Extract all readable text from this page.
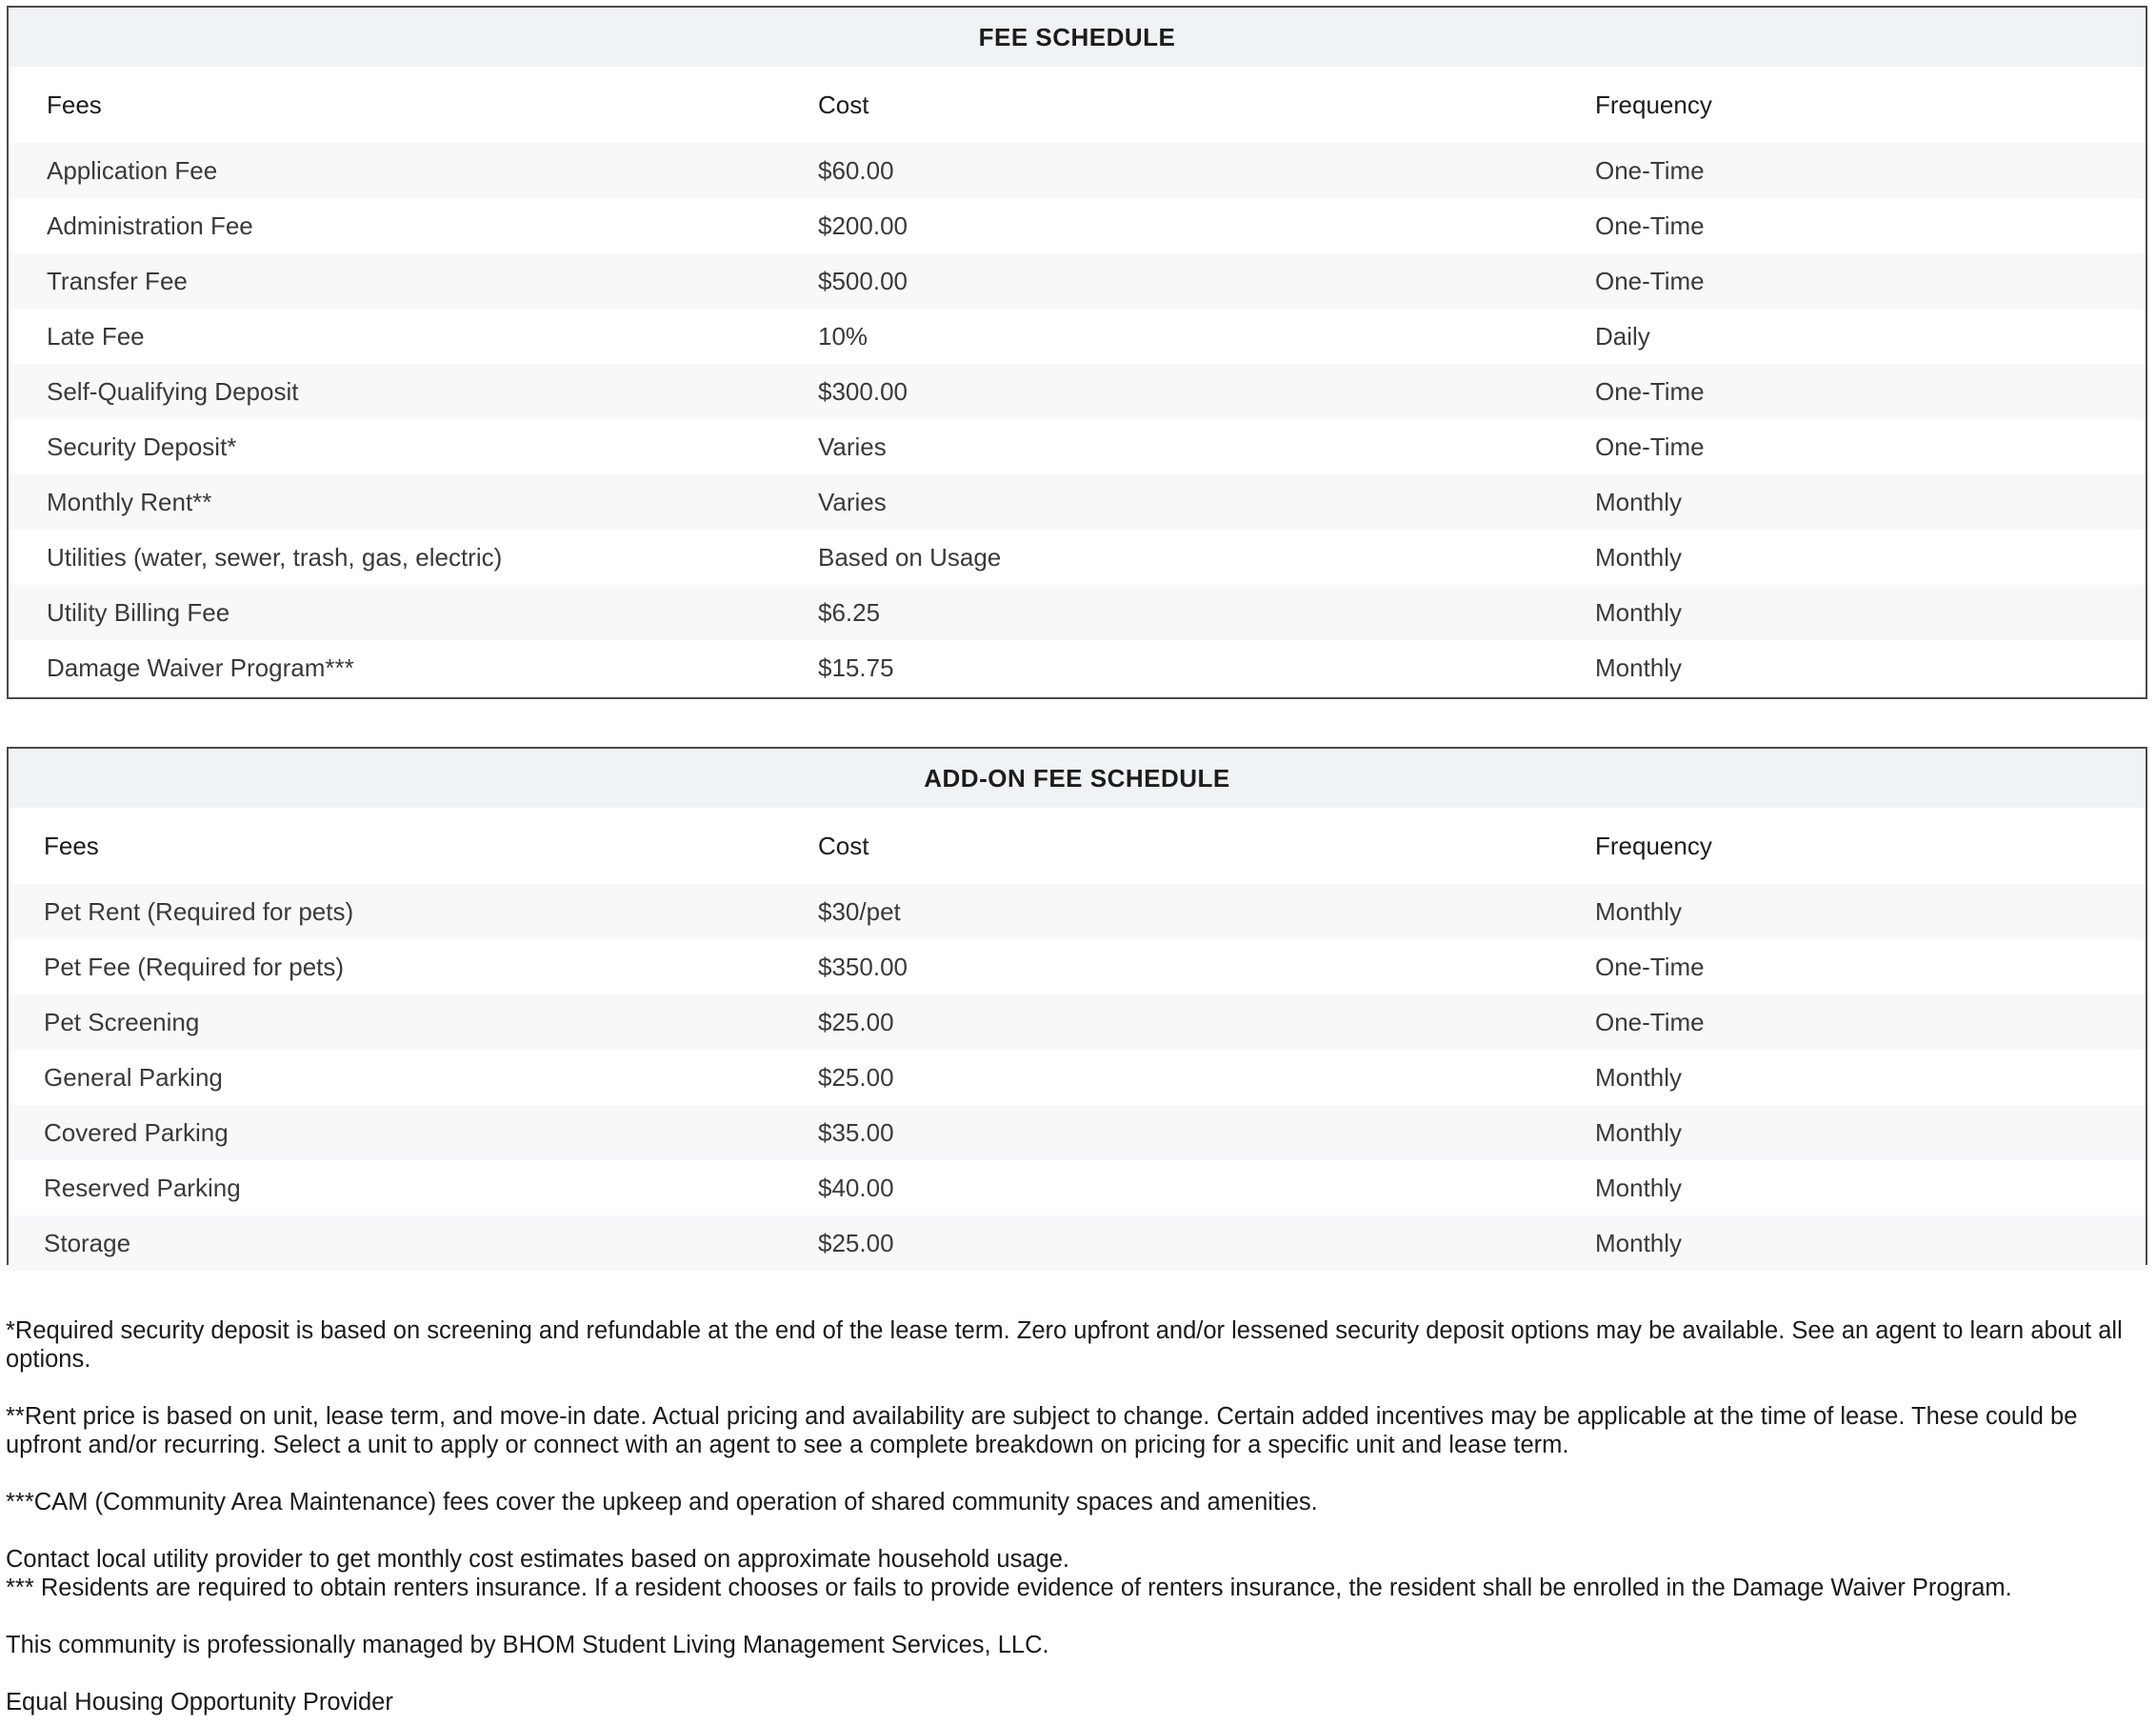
FEE SCHEDULE
Fees	Cost	Frequency
Application Fee	$60.00	One-Time
Administration Fee	$200.00	One-Time
Transfer Fee	$500.00	One-Time
Late Fee	10%	Daily
Self-Qualifying Deposit	$300.00	One-Time
Security Deposit*	Varies	One-Time
Monthly Rent**	Varies	Monthly
Utilities (water, sewer, trash, gas, electric)	Based on Usage	Monthly
Utility Billing Fee	$6.25	Monthly
Damage Waiver Program***	$15.75	Monthly
ADD-ON FEE SCHEDULE
Fees	Cost	Frequency
Pet Rent (Required for pets)	$30/pet	Monthly
Pet Fee (Required for pets)	$350.00	One-Time
Pet Screening	$25.00	One-Time
General Parking	$25.00	Monthly
Covered Parking	$35.00	Monthly
Reserved Parking	$40.00	Monthly
Storage	$25.00	Monthly

*Required security deposit is based on screening and refundable at the end of the lease term. Zero upfront and/or lessened security deposit options may be available. See an agent to learn about all options.

**Rent price is based on unit, lease term, and move-in date. Actual pricing and availability are subject to change. Certain added incentives may be applicable at the time of lease. These could be upfront and/or recurring. Select a unit to apply or connect with an agent to see a complete breakdown on pricing for a specific unit and lease term.

***CAM (Community Area Maintenance) fees cover the upkeep and operation of shared community spaces and amenities.

Contact local utility provider to get monthly cost estimates based on approximate household usage.

*** Residents are required to obtain renters insurance. If a resident chooses or fails to provide evidence of renters insurance, the resident shall be enrolled in the Damage Waiver Program.

This community is professionally managed by BHOM Student Living Management Services, LLC.

Equal Housing Opportunity Provider
